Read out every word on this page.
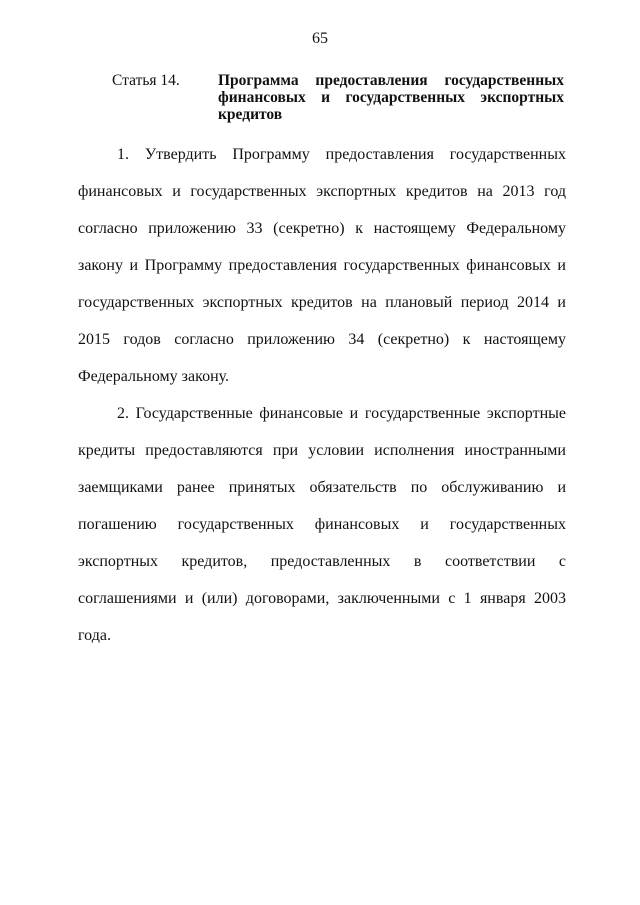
65
Статья 14. Программа предоставления государственных
финансовых и государственных экспортных
кредитов
1. Утвердить Программу предоставления государственных
финансовых и государственных экспортных кредитов на 2013 год
согласно приложению 33 (секретно) к настоящему Федеральному
закону и Программу предоставления государственных финансовых и
государственных экспортных кредитов на плановый период 2014 и
2015 годов согласно приложению 34 (секретно) к настоящему
Федеральному закону.
2. Государственные финансовые и государственные экспортные
кредиты предоставляются при условии исполнения иностранными
заемщиками ранее принятых обязательств по обслуживанию и
погашению государственных финансовых и государственных
экспортных кредитов, предоставленных в соответствии с
соглашениями и (или) договорами, заключенными с 1 января 2003
года.
